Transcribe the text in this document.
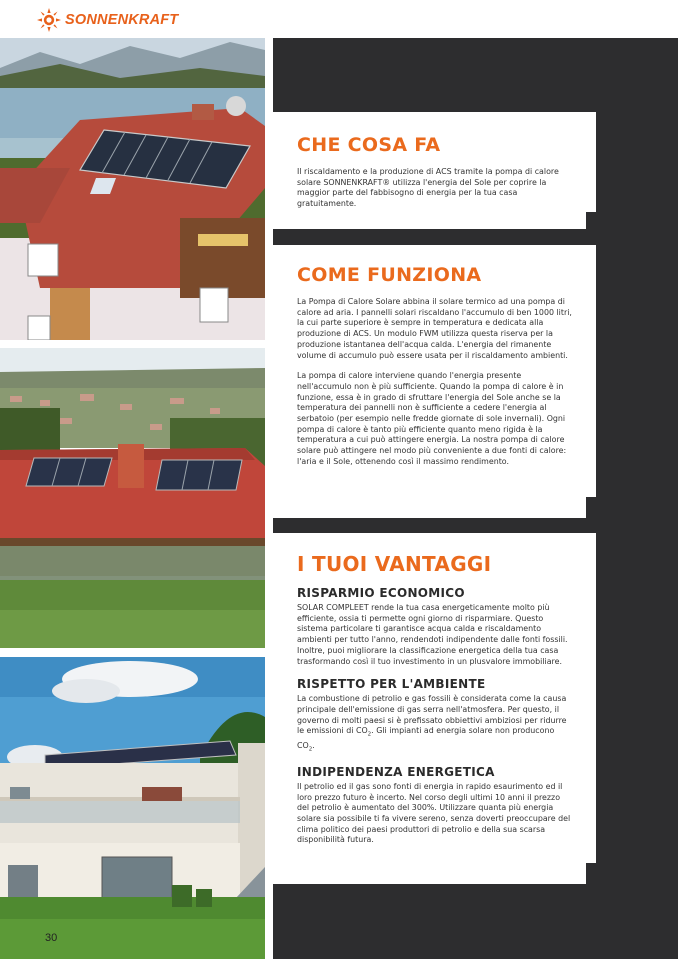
SONNENKRAFT
30
CHE COSA FA

Il riscaldamento e la produzione di ACS tramite la pompa di calore solare SONNENKRAFT® utilizza l'energia del Sole per coprire la maggior parte del fabbisogno di energia per la tua casa gratuitamente.

COME FUNZIONA

La Pompa di Calore Solare abbina il solare termico ad una pompa di calore ad aria. I pannelli solari riscaldano l'accumulo di ben 1000 litri, la cui parte superiore è sempre in temperatura e dedicata alla produzione di ACS. Un modulo FWM utilizza questa riserva per la produzione istantanea dell'acqua calda. L'energia del rimanente volume di accumulo può essere usata per il riscaldamento ambienti.

La pompa di calore interviene quando l'energia presente nell'accumulo non è più sufficiente. Quando la pompa di calore è in funzione, essa è in grado di sfruttare l'energia del Sole anche se la temperatura dei pannelli non è sufficiente a cedere l'energia al serbatoio (per esempio nelle fredde giornate di sole invernali). Ogni pompa di calore è tanto più efficiente quanto meno rigida è la temperatura a cui può attingere energia. La nostra pompa di calore solare può attingere nel modo più conveniente a due fonti di calore: l'aria e il Sole, ottenendo così il massimo rendimento.

I TUOI VANTAGGI
RISPARMIO ECONOMICO

SOLAR COMPLEET rende la tua casa energeticamente molto più efficiente, ossia ti permette ogni giorno di risparmiare. Questo sistema particolare ti garantisce acqua calda e riscaldamento ambienti per tutto l'anno, rendendoti indipendente dalle fonti fossili. Inoltre, puoi migliorare la classificazione energetica della tua casa trasformando così il tuo investimento in un plusvalore immobiliare.

RISPETTO PER L'AMBIENTE

La combustione di petrolio e gas fossili è considerata come la causa principale dell'emissione di gas serra nell'atmosfera. Per questo, il governo di molti paesi si è prefissato obbiettivi ambiziosi per ridurre le emissioni di $CO_2$. Gli impianti ad energia solare non producono $CO_2$.

INDIPENDENZA ENERGETICA

Il petrolio ed il gas sono fonti di energia in rapido esaurimento ed il loro prezzo futuro è incerto. Nel corso degli ultimi 10 anni il prezzo del petrolio è aumentato del 300%. Utilizzare quanta più energia solare sia possibile ti fa vivere sereno, senza doverti preoccupare del clima politico dei paesi produttori di petrolio e della sua scarsa disponibilità futura.
